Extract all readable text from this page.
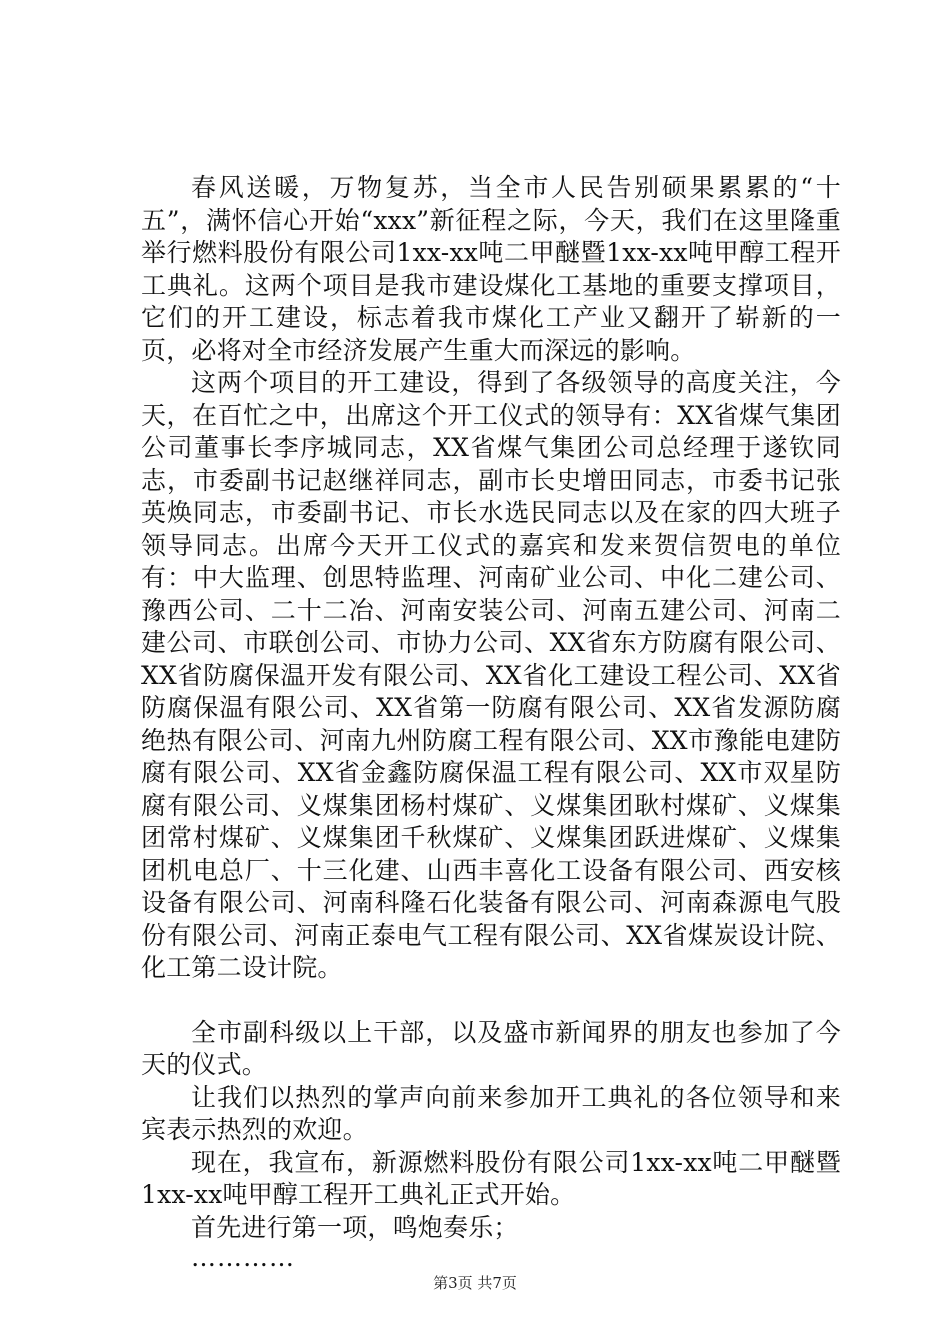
春风送暖，万物复苏，当全市人民告别硕果累累的“十五”，满怀信心开始“xxx”新征程之际，今天，我们在这里隆重举行燃料股份有限公司1xx-xx吨二甲醚暨1xx-xx吨甲醇工程开工典礼。这两个项目是我市建设煤化工基地的重要支撑项目，它们的开工建设，标志着我市煤化工产业又翻开了崭新的一页，必将对全市经济发展产生重大而深远的影响。

这两个项目的开工建设，得到了各级领导的高度关注，今天，在百忙之中，出席这个开工仪式的领导有：XX省煤气集团公司董事长李序城同志，XX省煤气集团公司总经理于遂钦同志，市委副书记赵继祥同志，副市长史增田同志，市委书记张英焕同志，市委副书记、市长水选民同志以及在家的四大班子领导同志。出席今天开工仪式的嘉宾和发来贺信贺电的单位有：中大监理、创思特监理、河南矿业公司、中化二建公司、豫西公司、二十二冶、河南安装公司、河南五建公司、河南二建公司、市联创公司、市协力公司、XX省东方防腐有限公司、XX省防腐保温开发有限公司、XX省化工建设工程公司、XX省防腐保温有限公司、XX省第一防腐有限公司、XX省发源防腐绝热有限公司、河南九州防腐工程有限公司、XX市豫能电建防腐有限公司、XX省金鑫防腐保温工程有限公司、XX市双星防腐有限公司、义煤集团杨村煤矿、义煤集团耿村煤矿、义煤集团常村煤矿、义煤集团千秋煤矿、义煤集团跃进煤矿、义煤集团机电总厂、十三化建、山西丰喜化工设备有限公司、西安核设备有限公司、河南科隆石化装备有限公司、河南森源电气股份有限公司、河南正泰电气工程有限公司、XX省煤炭设计院、化工第二设计院。

全市副科级以上干部，以及盛市新闻界的朋友也参加了今天的仪式。

让我们以热烈的掌声向前来参加开工典礼的各位领导和来宾表示热烈的欢迎。

现在，我宣布，新源燃料股份有限公司1xx-xx吨二甲醚暨1xx-xx吨甲醇工程开工典礼正式开始。

首先进行第一项，鸣炮奏乐；

…………

第3页 共7页
